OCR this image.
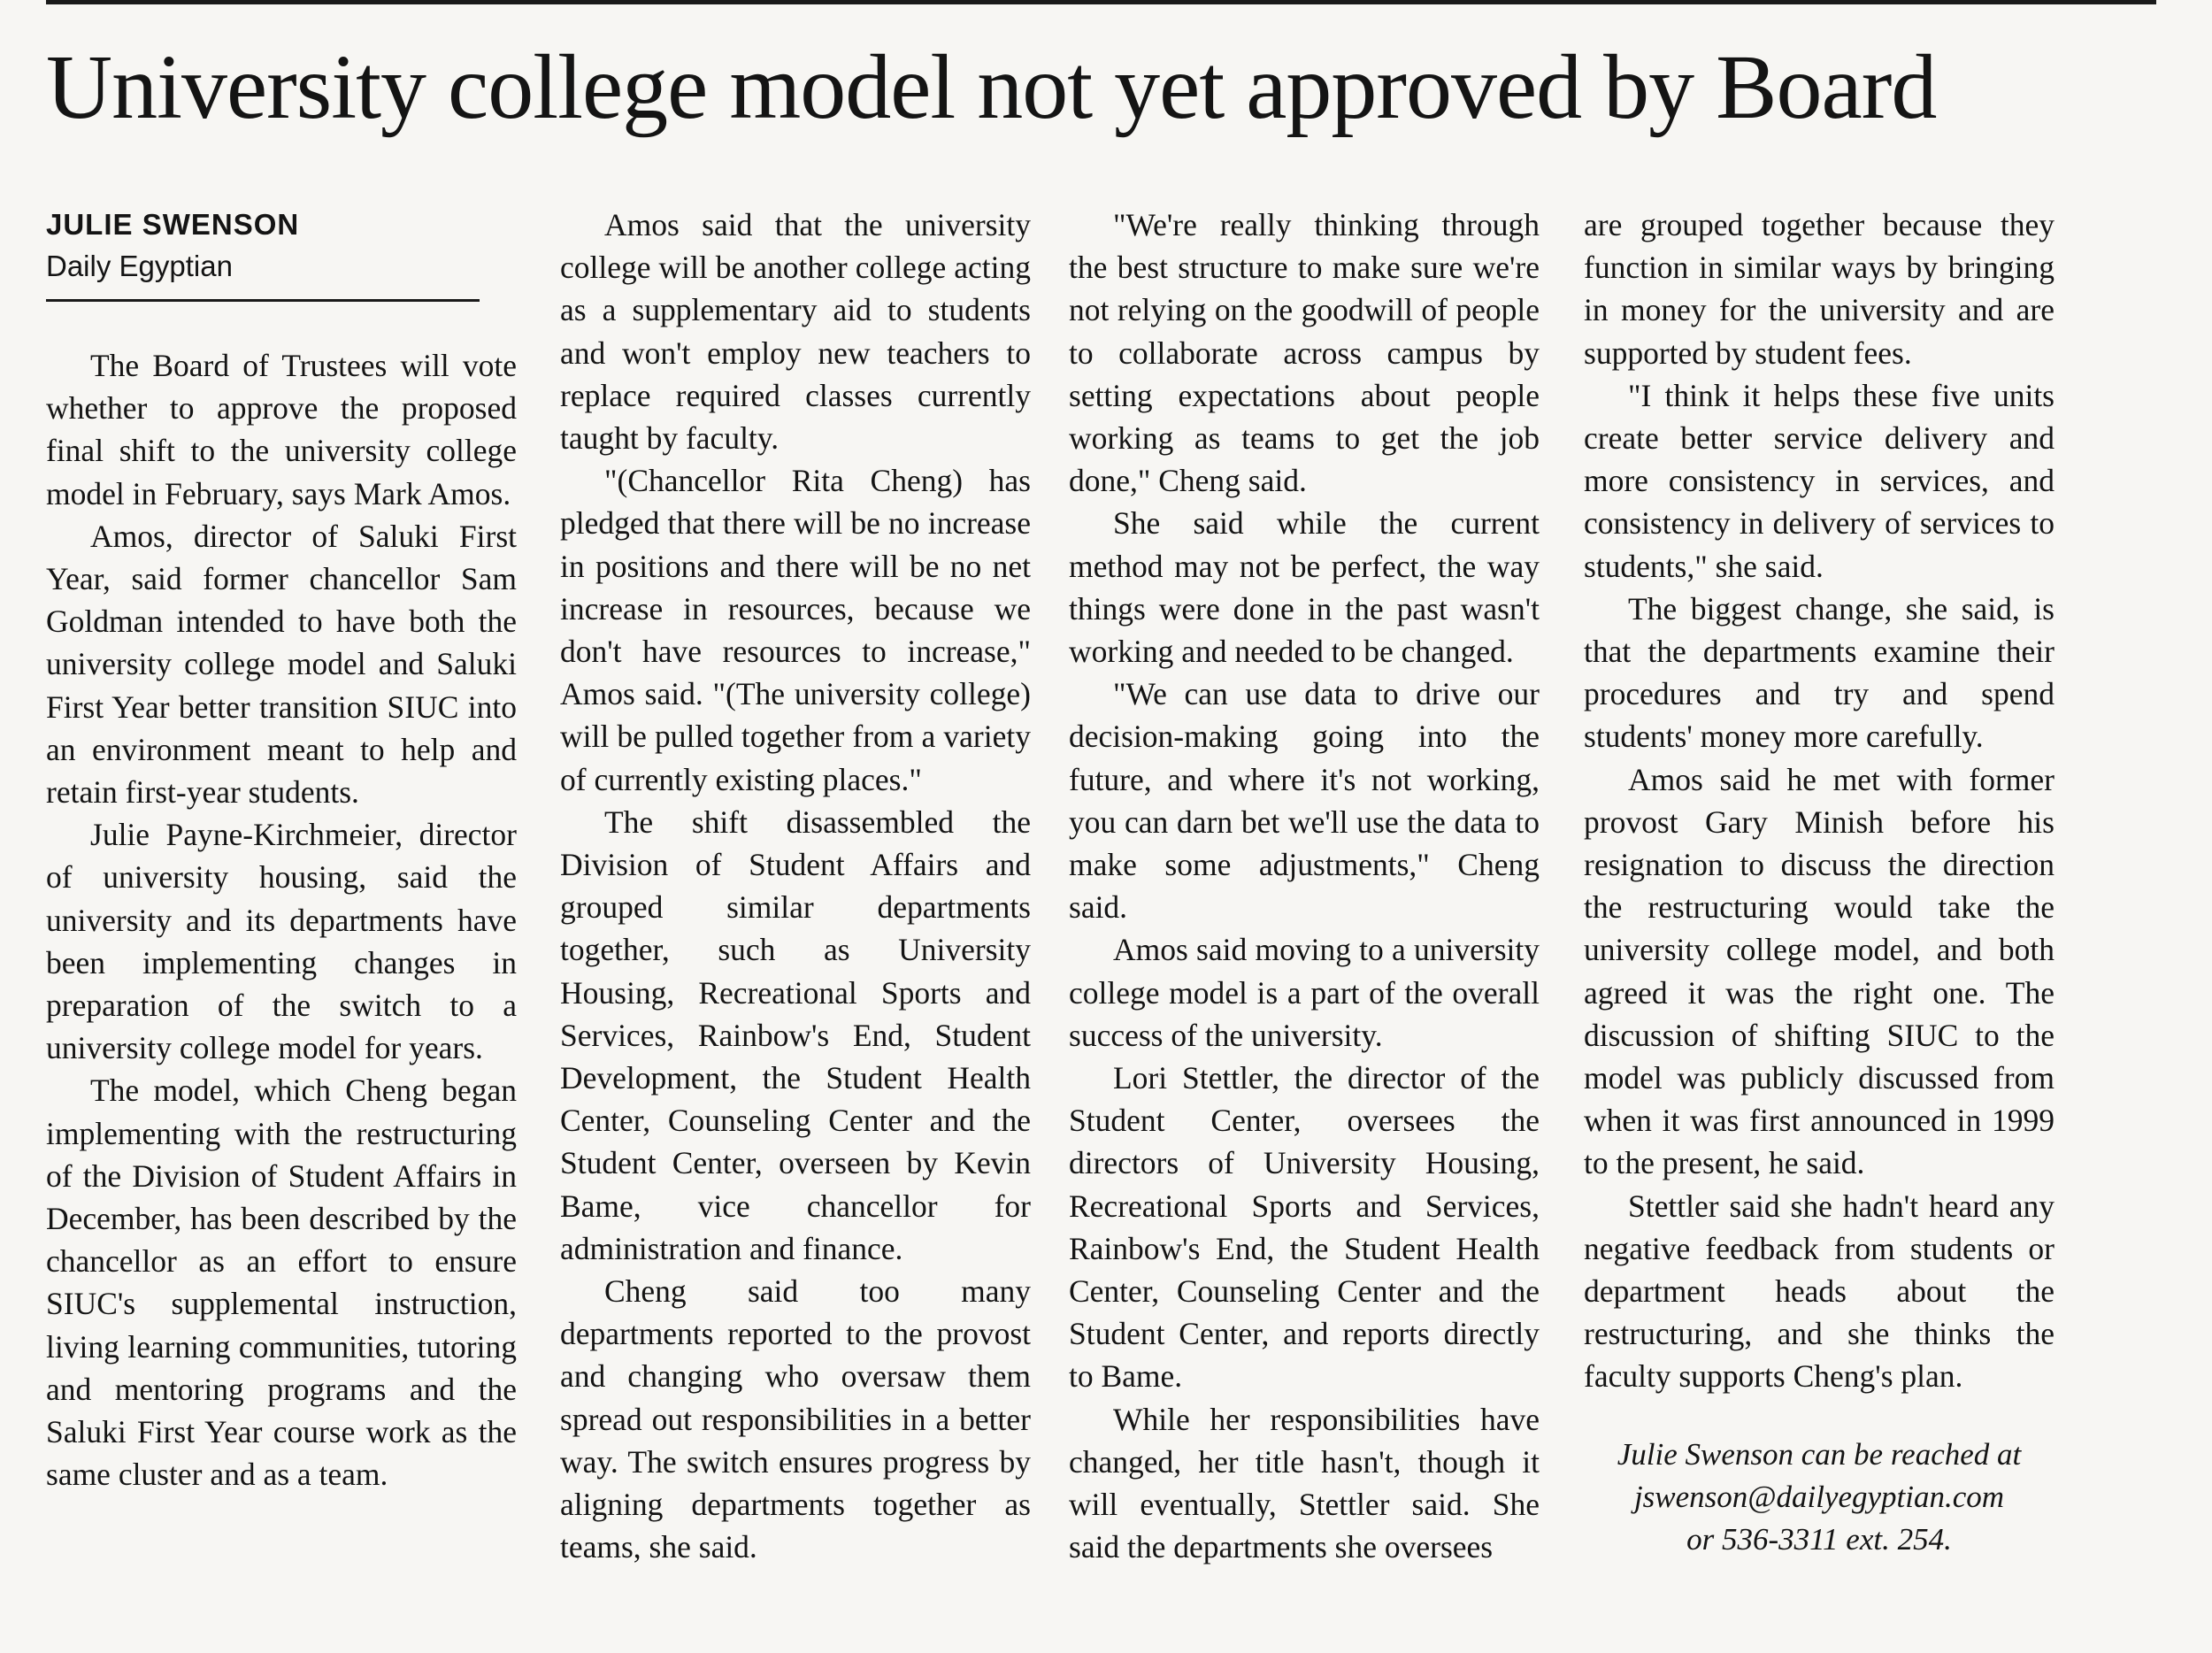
University college model not yet approved by Board
JULIE SWENSON
Daily Egyptian

The Board of Trustees will vote whether to approve the proposed final shift to the university college model in February, says Mark Amos.

Amos, director of Saluki First Year, said former chancellor Sam Goldman intended to have both the university college model and Saluki First Year better transition SIUC into an environment meant to help and retain first-year students.

Julie Payne-Kirchmeier, director of university housing, said the university and its departments have been implementing changes in preparation of the switch to a university college model for years.

The model, which Cheng began implementing with the restructuring of the Division of Student Affairs in December, has been described by the chancellor as an effort to ensure SIUC's supplemental instruction, living learning communities, tutoring and mentoring programs and the Saluki First Year course work as the same cluster and as a team.

Amos said that the university college will be another college acting as a supplementary aid to students and won't employ new teachers to replace required classes currently taught by faculty.

"(Chancellor Rita Cheng) has pledged that there will be no increase in positions and there will be no net increase in resources, because we don't have resources to increase," Amos said. "(The university college) will be pulled together from a variety of currently existing places."

The shift disassembled the Division of Student Affairs and grouped similar departments together, such as University Housing, Recreational Sports and Services, Rainbow's End, Student Development, the Student Health Center, Counseling Center and the Student Center, overseen by Kevin Bame, vice chancellor for administration and finance.

Cheng said too many departments reported to the provost and changing who oversaw them spread out responsibilities in a better way. The switch ensures progress by aligning departments together as teams, she said.

"We're really thinking through the best structure to make sure we're not relying on the goodwill of people to collaborate across campus by setting expectations about people working as teams to get the job done," Cheng said.

She said while the current method may not be perfect, the way things were done in the past wasn't working and needed to be changed.

"We can use data to drive our decision-making going into the future, and where it's not working, you can darn bet we'll use the data to make some adjustments," Cheng said.

Amos said moving to a university college model is a part of the overall success of the university.

Lori Stettler, the director of the Student Center, oversees the directors of University Housing, Recreational Sports and Services, Rainbow's End, the Student Health Center, Counseling Center and the Student Center, and reports directly to Bame.

While her responsibilities have changed, her title hasn't, though it will eventually, Stettler said. She said the departments she oversees

are grouped together because they function in similar ways by bringing in money for the university and are supported by student fees.

"I think it helps these five units create better service delivery and more consistency in services, and consistency in delivery of services to students," she said.

The biggest change, she said, is that the departments examine their procedures and try and spend students' money more carefully.

Amos said he met with former provost Gary Minish before his resignation to discuss the direction the restructuring would take the university college model, and both agreed it was the right one. The discussion of shifting SIUC to the model was publicly discussed from when it was first announced in 1999 to the present, he said.

Stettler said she hadn't heard any negative feedback from students or department heads about the restructuring, and she thinks the faculty supports Cheng's plan.

Julie Swenson can be reached at
jswenson@dailyegyptian.com
or 536-3311 ext. 254.
